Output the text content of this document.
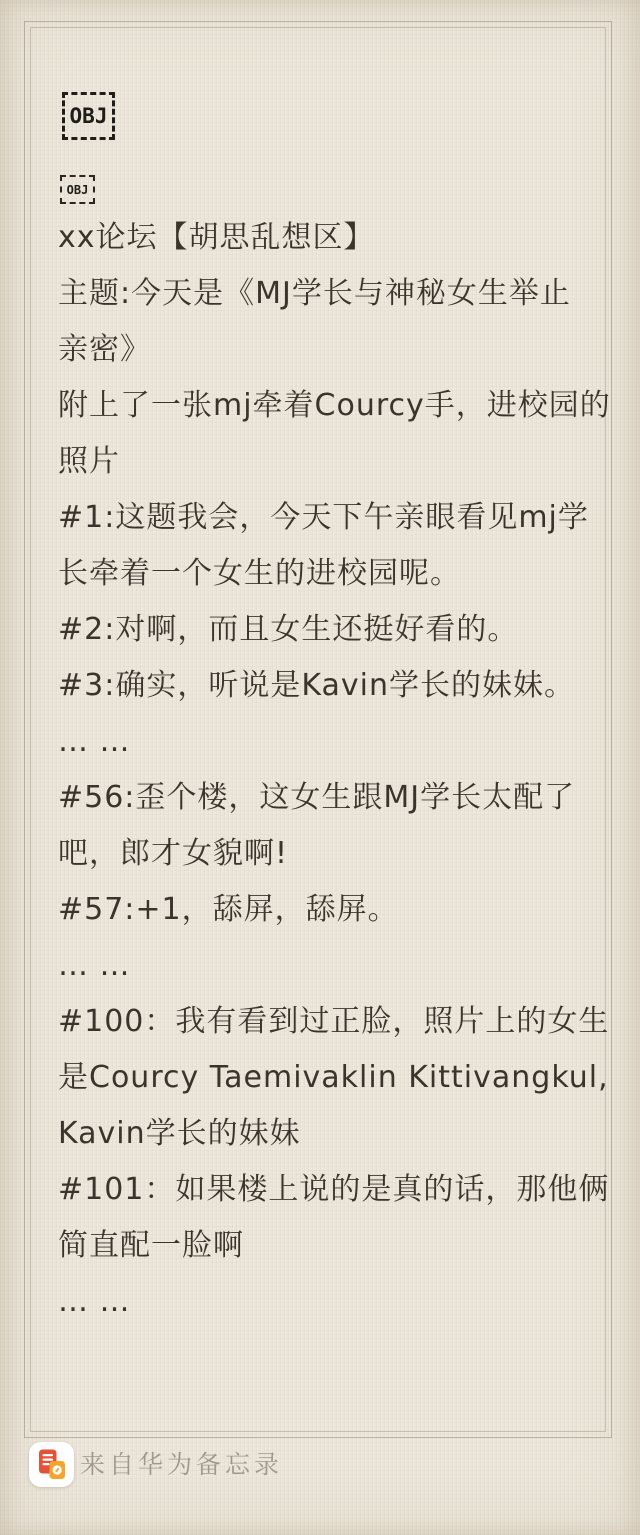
OBJ
OBJ
xx论坛【胡思乱想区】
主题:今天是《MJ学长与神秘女生举止
亲密》
附上了一张mj牵着Courcy手，进校园的
照片
#1:这题我会，今天下午亲眼看见mj学
长牵着一个女生的进校园呢。
#2:对啊，而且女生还挺好看的。
#3:确实，听说是Kavin学长的妹妹。
… …
#56:歪个楼，这女生跟MJ学长太配了
吧，郎才女貌啊!
#57:+1，舔屏，舔屏。
… …
#100：我有看到过正脸，照片上的女生
是Courcy Taemivaklin Kittivangkul,
Kavin学长的妹妹
#101：如果楼上说的是真的话，那他俩
简直配一脸啊
… …
来自华为备忘录
